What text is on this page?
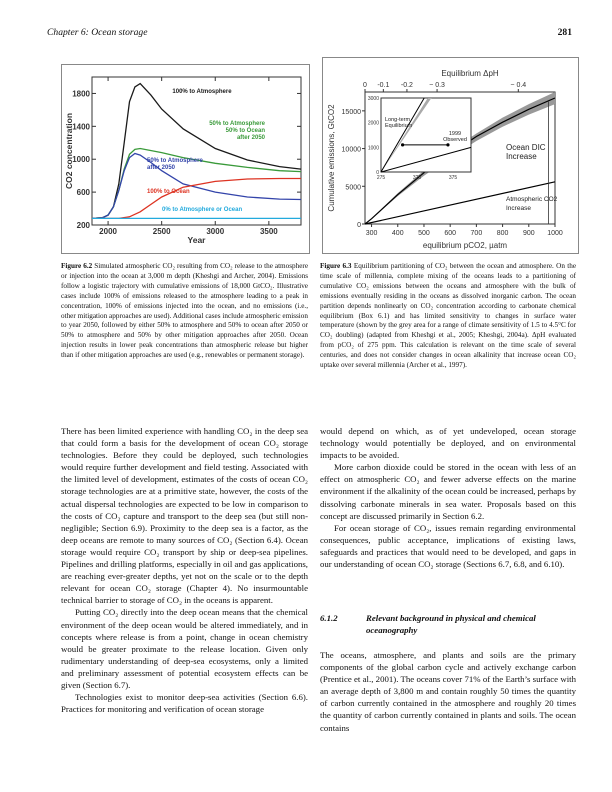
Chapter 6: Ocean storage	281
200
600
1000
1400
1800
2000	2500	3000	3500
Year
CO2 concentration
100% to Atmosphere
50% to Atmosphere
50% to Ocean
after 2050
50% to Atmosphere
after 2050
100% to Ocean
0% to Atmosphere or Ocean
300 400 500 600 700 800 900 1000
0
5000
10000
15000
0 -0.1 -0.2 − 0.3	− 0.4
Equilibrium ΔpH
equilibrium pCO2, µatm
Cumulative emissions, GtCO2	Ocean DIC
Increase
Atmospheric CO2
Increase
0
1000
2000
3000
275	325	375
Long-term
Equilibrium
1999
Observed
Figure 6.2 Simulated atmospheric CO₂ resulting from CO₂ release to the atmosphere or injection into the ocean at 3,000 m depth (Kheshgi and Archer, 2004). Emissions follow a logistic trajectory with cumulative emissions of 18,000 GtCO₂. Illustrative cases include 100% of emissions released to the atmosphere leading to a peak in concentration, 100% of emissions injected into the ocean, and no emissions (i.e., other mitigation approaches are used). Additional cases include atmospheric emission to year 2050, followed by either 50% to atmosphere and 50% to ocean after 2050 or 50% to atmosphere and 50% by other mitigation approaches after 2050. Ocean injection results in lower peak concentrations than atmospheric release but higher than if other mitigation approaches are used (e.g., renewables or permanent storage).
Figure 6.3 Equilibrium partitioning of CO₂ between the ocean and atmosphere. On the time scale of millennia, complete mixing of the oceans leads to a partitioning of cumulative CO₂ emissions between the oceans and atmosphere with the bulk of emissions eventually residing in the oceans as dissolved inorganic carbon. The ocean partition depends nonlinearly on CO₂ concentration according to carbonate chemical equilibrium (Box 6.1) and has limited sensitivity to changes in surface water temperature (shown by the grey area for a range of climate sensitivity of 1.5 to 4.5°C for CO₂ doubling) (adapted from Kheshgi et al., 2005; Kheshgi, 2004a). ΔpH evaluated from pCO₂ of 275 ppm. This calculation is relevant on the time scale of several centuries, and does not consider changes in ocean alkalinity that increase ocean CO₂ uptake over several millennia (Archer et al., 1997).

There has been limited experience with handling CO₂ in the deep sea that could form a basis for the development of ocean CO₂ storage technologies. Before they could be deployed, such technologies would require further development and field testing. Associated with the limited level of development, estimates of the costs of ocean CO₂ storage technologies are at a primitive state, however, the costs of the actual dispersal technologies are expected to be low in comparison to the costs of CO₂ capture and transport to the deep sea (but still non-negligible; Section 6.9). Proximity to the deep sea is a factor, as the deep oceans are remote to many sources of CO₂ (Section 6.4). Ocean storage would require CO₂ transport by ship or deep-sea pipelines. Pipelines and drilling platforms, especially in oil and gas applications, are reaching ever-greater depths, yet not on the scale or to the depth relevant for ocean CO₂ storage (Chapter 4). No insurmountable technical barrier to storage of CO₂ in the oceans is apparent.

Putting CO₂ directly into the deep ocean means that the chemical environment of the deep ocean would be altered immediately, and in concepts where release is from a point, change in ocean chemistry would be greater proximate to the release location. Given only rudimentary understanding of deep-sea ecosystems, only a limited and preliminary assessment of potential ecosystem effects can be given (Section 6.7).

Technologies exist to monitor deep-sea activities (Section 6.6). Practices for monitoring and verification of ocean storage

would depend on which, as of yet undeveloped, ocean storage technology would potentially be deployed, and on environmental impacts to be avoided.

More carbon dioxide could be stored in the ocean with less of an effect on atmospheric CO₂ and fewer adverse effects on the marine environment if the alkalinity of the ocean could be increased, perhaps by dissolving carbonate minerals in sea water. Proposals based on this concept are discussed primarily in Section 6.2.

For ocean storage of CO₂, issues remain regarding environmental consequences, public acceptance, implications of existing laws, safeguards and practices that would need to be developed, and gaps in our understanding of ocean CO₂ storage (Sections 6.7, 6.8, and 6.10).

6.1.2	Relevant background in physical and chemical oceanography

The oceans, atmosphere, and plants and soils are the primary components of the global carbon cycle and actively exchange carbon (Prentice et al., 2001). The oceans cover 71% of the Earth’s surface with an average depth of 3,800 m and contain roughly 50 times the quantity of carbon currently contained in the atmosphere and roughly 20 times the quantity of carbon currently contained in plants and soils. The ocean contains
